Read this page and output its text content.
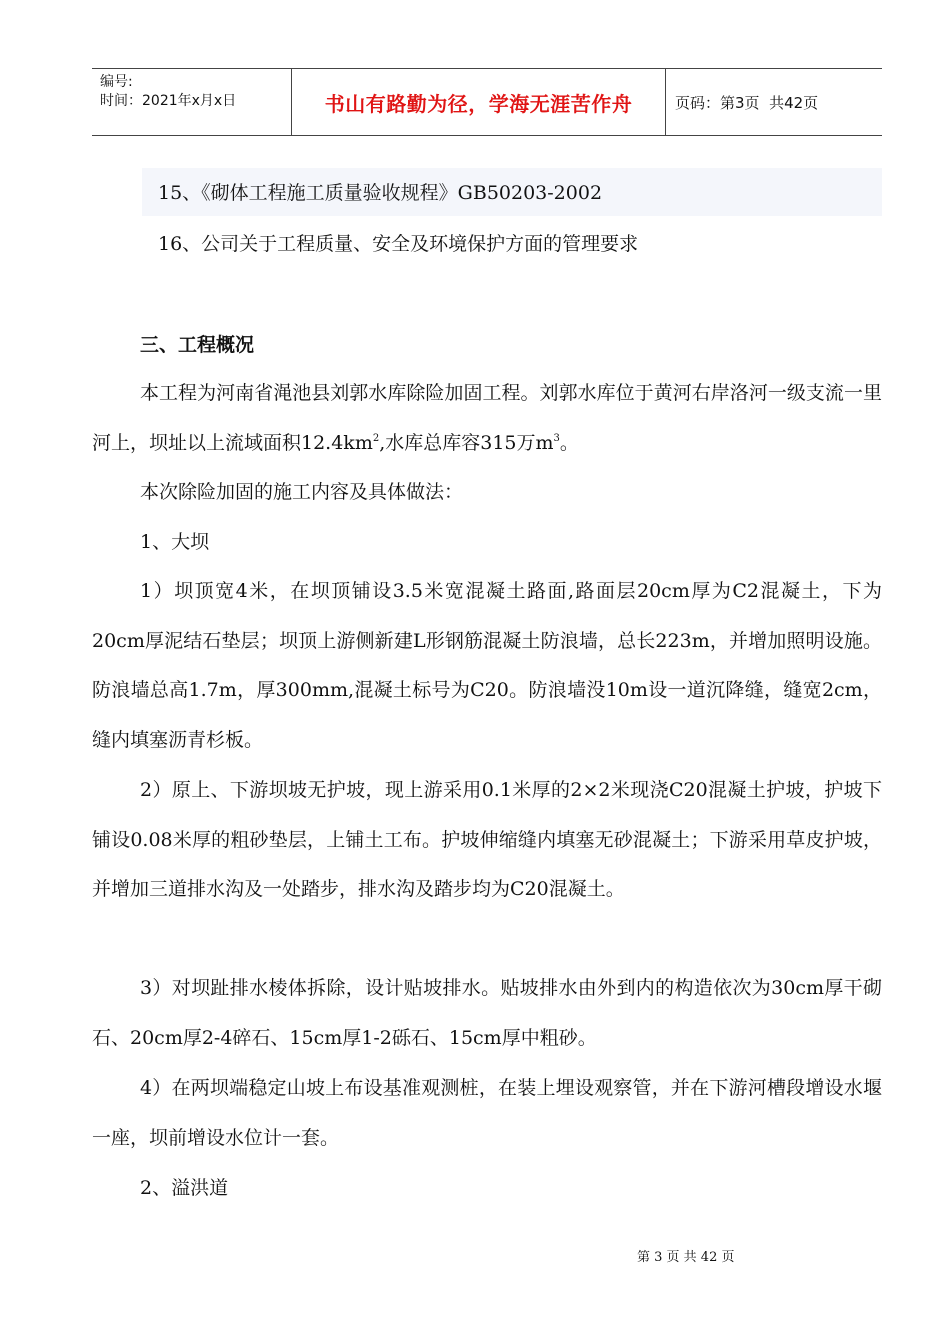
编号:
时间：2021年x月x日	书山有路勤为径，学海无涯苦作舟	页码：第3页  共42页
15、《砌体工程施工质量验收规程》GB50203-2002
16、公司关于工程质量、安全及环境保护方面的管理要求
三、工程概况
本工程为河南省渑池县刘郭水库除险加固工程。刘郭水库位于黄河右岸洛河一级支流一里河上，坝址以上流域面积$12.4km^2$,水库总库容315万$m^3$。
本次除险加固的施工内容及具体做法：
1、大坝
1）坝顶宽4米，在坝顶铺设3.5米宽混凝土路面,路面层20cm厚为C2混凝土，下为20cm厚泥结石垫层；坝顶上游侧新建L形钢筋混凝土防浪墙，总长223m，并增加照明设施。防浪墙总高1.7m，厚300mm,混凝土标号为C20。防浪墙没10m设一道沉降缝，缝宽2cm，缝内填塞沥青杉板。
2）原上、下游坝坡无护坡，现上游采用0.1米厚的2×2米现浇C20混凝土护坡，护坡下铺设0.08米厚的粗砂垫层，上铺土工布。护坡伸缩缝内填塞无砂混凝土；下游采用草皮护坡，并增加三道排水沟及一处踏步，排水沟及踏步均为C20混凝土。
3）对坝趾排水棱体拆除，设计贴坡排水。贴坡排水由外到内的构造依次为30cm厚干砌石、20cm厚2-4碎石、15cm厚1-2砾石、15cm厚中粗砂。
4）在两坝端稳定山坡上布设基准观测桩，在装上埋设观察管，并在下游河槽段增设水堰一座，坝前增设水位计一套。
2、溢洪道
第 3 页 共 42 页
